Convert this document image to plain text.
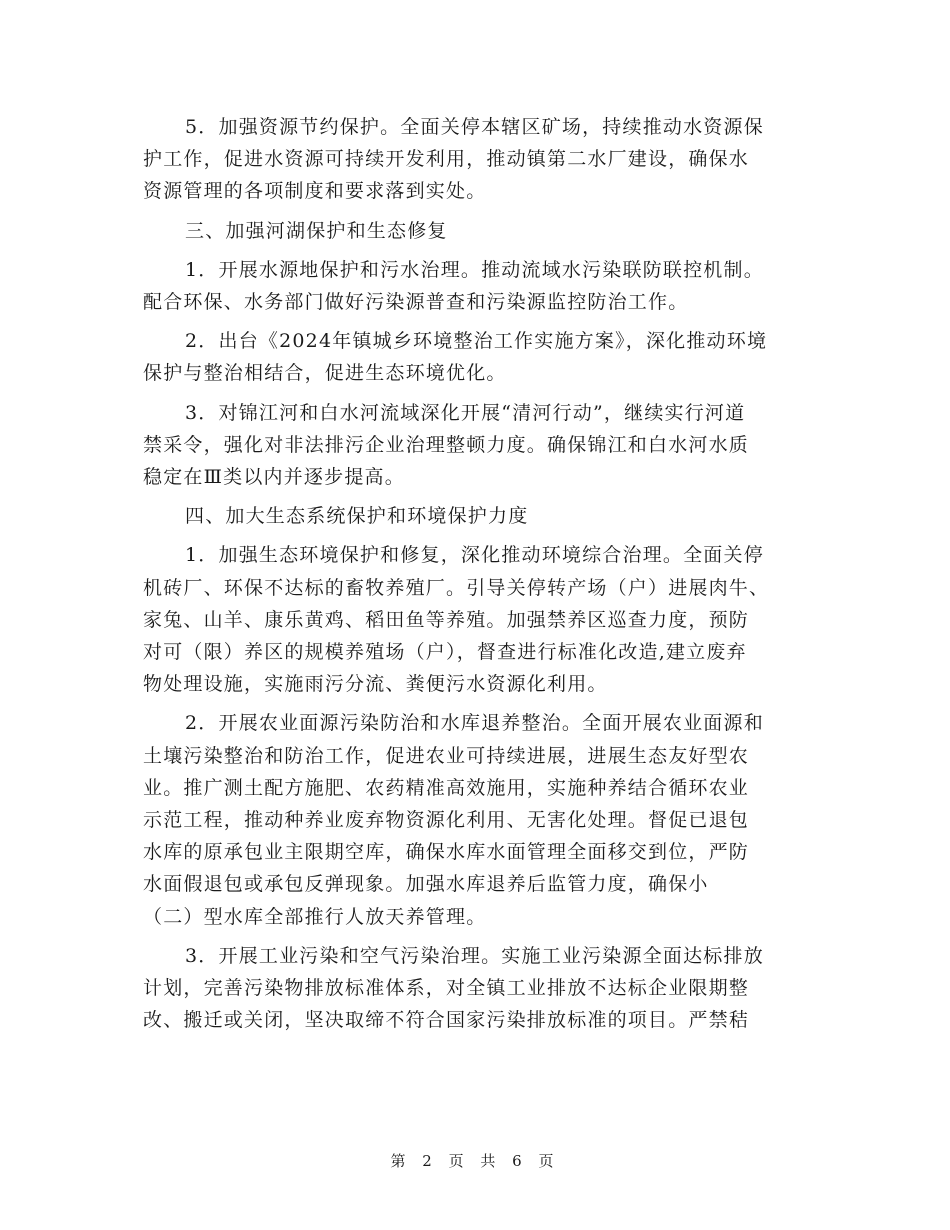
5．加强资源节约保护。全面关停本辖区矿场，持续推动水资源保
护工作，促进水资源可持续开发利用，推动镇第二水厂建设，确保水
资源管理的各项制度和要求落到实处。
三、加强河湖保护和生态修复
1．开展水源地保护和污水治理。推动流域水污染联防联控机制。
配合环保、水务部门做好污染源普查和污染源监控防治工作。
2．出台《2024年镇城乡环境整治工作实施方案》，深化推动环境
保护与整治相结合，促进生态环境优化。
3．对锦江河和白水河流域深化开展“清河行动”，继续实行河道
禁采令，强化对非法排污企业治理整顿力度。确保锦江和白水河水质
稳定在Ⅲ类以内并逐步提高。
四、加大生态系统保护和环境保护力度
1．加强生态环境保护和修复，深化推动环境综合治理。全面关停
机砖厂、环保不达标的畜牧养殖厂。引导关停转产场（户）进展肉牛、
家兔、山羊、康乐黄鸡、稻田鱼等养殖。加强禁养区巡查力度，预防
对可（限）养区的规模养殖场（户），督查进行标准化改造,建立废弃
物处理设施，实施雨污分流、粪便污水资源化利用。
2．开展农业面源污染防治和水库退养整治。全面开展农业面源和
土壤污染整治和防治工作，促进农业可持续进展，进展生态友好型农
业。推广测土配方施肥、农药精准高效施用，实施种养结合循环农业
示范工程，推动种养业废弃物资源化利用、无害化处理。督促已退包
水库的原承包业主限期空库，确保水库水面管理全面移交到位，严防
水面假退包或承包反弹现象。加强水库退养后监管力度，确保小
（二）型水库全部推行人放天养管理。
3．开展工业污染和空气污染治理。实施工业污染源全面达标排放
计划，完善污染物排放标准体系，对全镇工业排放不达标企业限期整
改、搬迁或关闭，坚决取缔不符合国家污染排放标准的项目。严禁秸
第 2 页 共 6 页
